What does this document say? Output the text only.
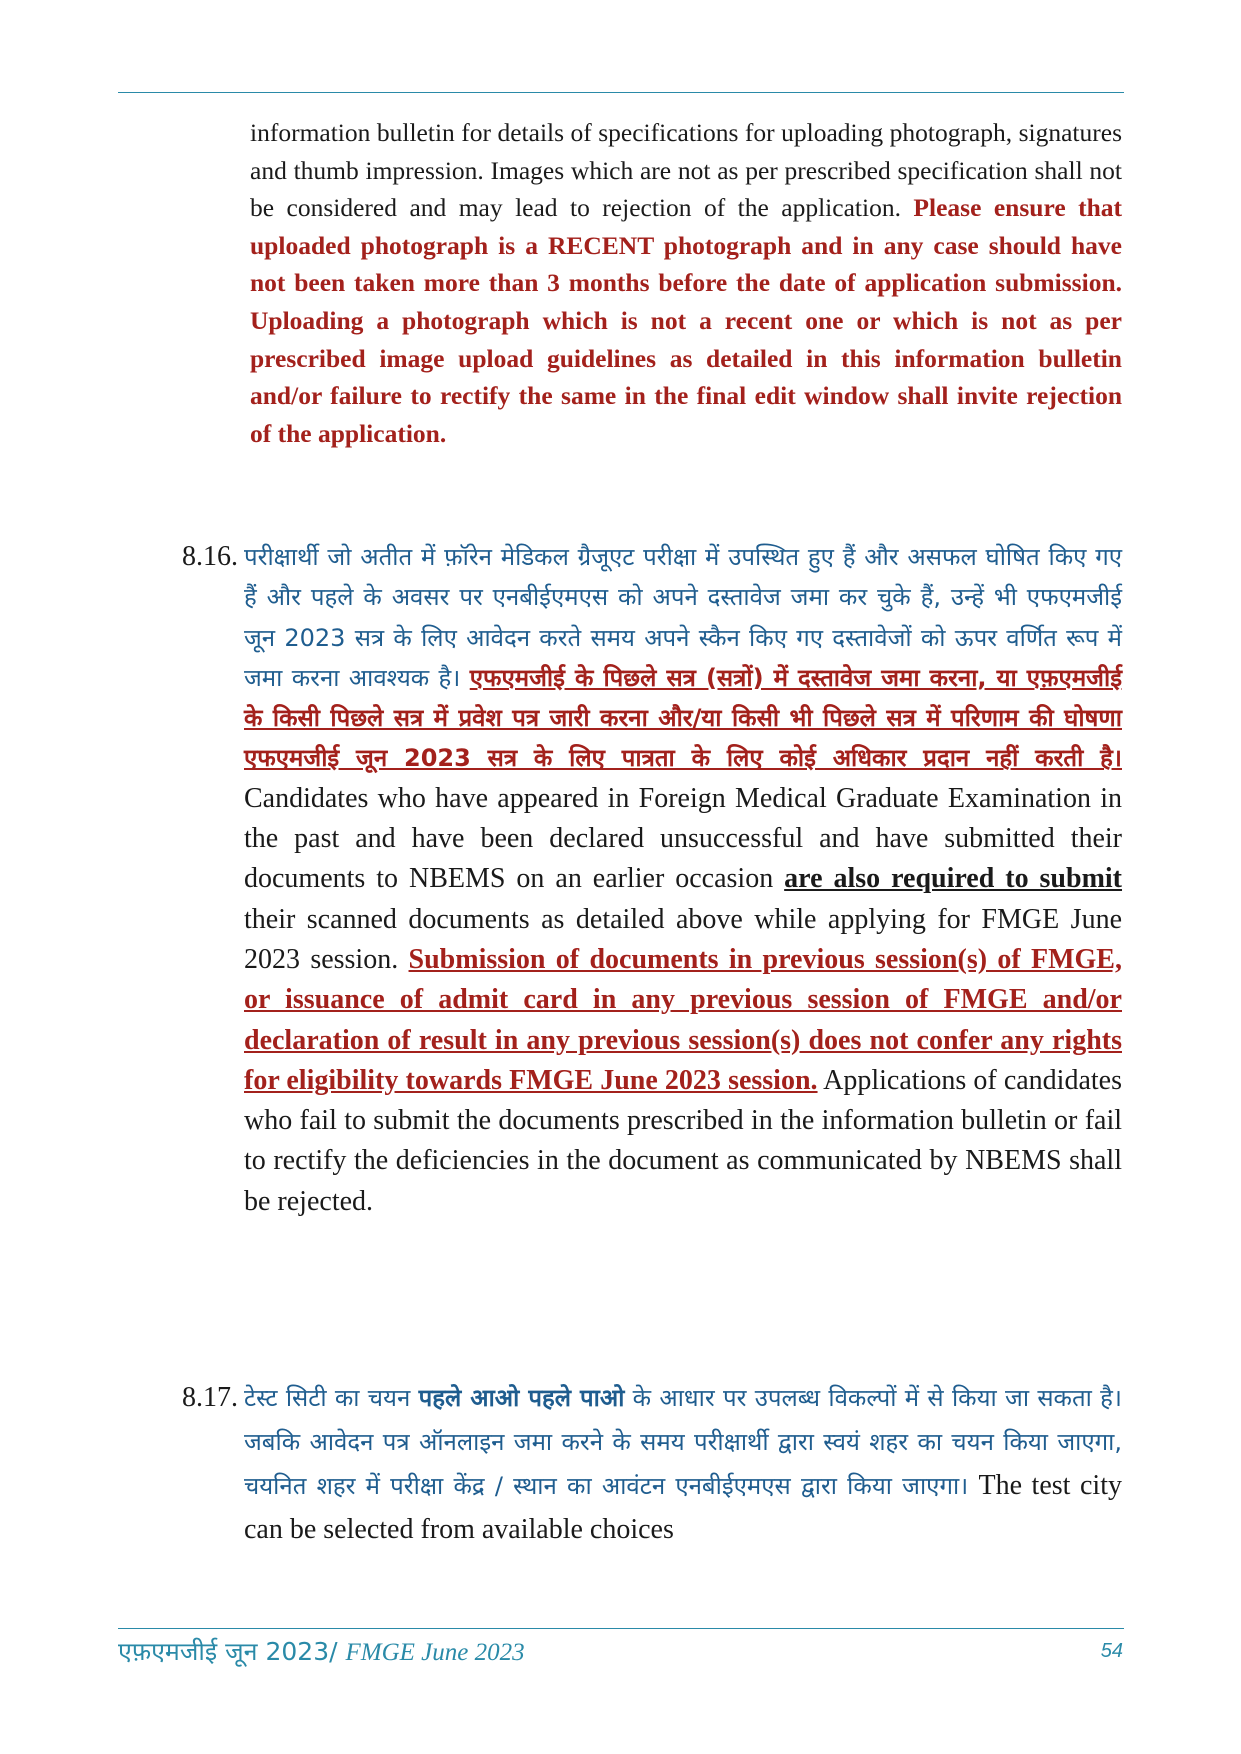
information bulletin for details of specifications for uploading photograph, signatures and thumb impression. Images which are not as per prescribed specification shall not be considered and may lead to rejection of the application. Please ensure that uploaded photograph is a RECENT photograph and in any case should have not been taken more than 3 months before the date of application submission. Uploading a photograph which is not a recent one or which is not as per prescribed image upload guidelines as detailed in this information bulletin and/or failure to rectify the same in the final edit window shall invite rejection of the application.
8.16. परीक्षार्थी जो अतीत में फ़ॉरेन मेडिकल ग्रैजूएट परीक्षा में उपस्थित हुए हैं और असफल घोषित किए गए हैं और पहले के अवसर पर एनबीईएमएस को अपने दस्तावेज जमा कर चुके हैं, उन्हें भी एफएमजीई जून 2023 सत्र के लिए आवेदन करते समय अपने स्कैन किए गए दस्तावेजों को ऊपर वर्णित रूप में जमा करना आवश्यक है। एफएमजीई के पिछले सत्र (सत्रों) में दस्तावेज जमा करना, या एफ़एमजीई के किसी पिछले सत्र में प्रवेश पत्र जारी करना और/या किसी भी पिछले सत्र में परिणाम की घोषणा एफएमजीई जून 2023 सत्र के लिए पात्रता के लिए कोई अधिकार प्रदान नहीं करती है।Candidates who have appeared in Foreign Medical Graduate Examination in the past and have been declared unsuccessful and have submitted their documents to NBEMS on an earlier occasion are also required to submit their scanned documents as detailed above while applying for FMGE June 2023 session. Submission of documents in previous session(s) of FMGE, or issuance of admit card in any previous session of FMGE and/or declaration of result in any previous session(s) does not confer any rights for eligibility towards FMGE June 2023 session. Applications of candidates who fail to submit the documents prescribed in the information bulletin or fail to rectify the deficiencies in the document as communicated by NBEMS shall be rejected.
8.17. टेस्ट सिटी का चयन पहले आओ पहले पाओ के आधार पर उपलब्ध विकल्पों में से किया जा सकता है। जबकि आवेदन पत्र ऑनलाइन जमा करने के समय परीक्षार्थी द्वारा स्वयं शहर का चयन किया जाएगा, चयनित शहर में परीक्षा केंद्र / स्थान का आवंटन एनबीईएमएस द्वारा किया जाएगा। The test city can be selected from available choices
एफ़एमजीई जून 2023/ FMGE June 2023	54
